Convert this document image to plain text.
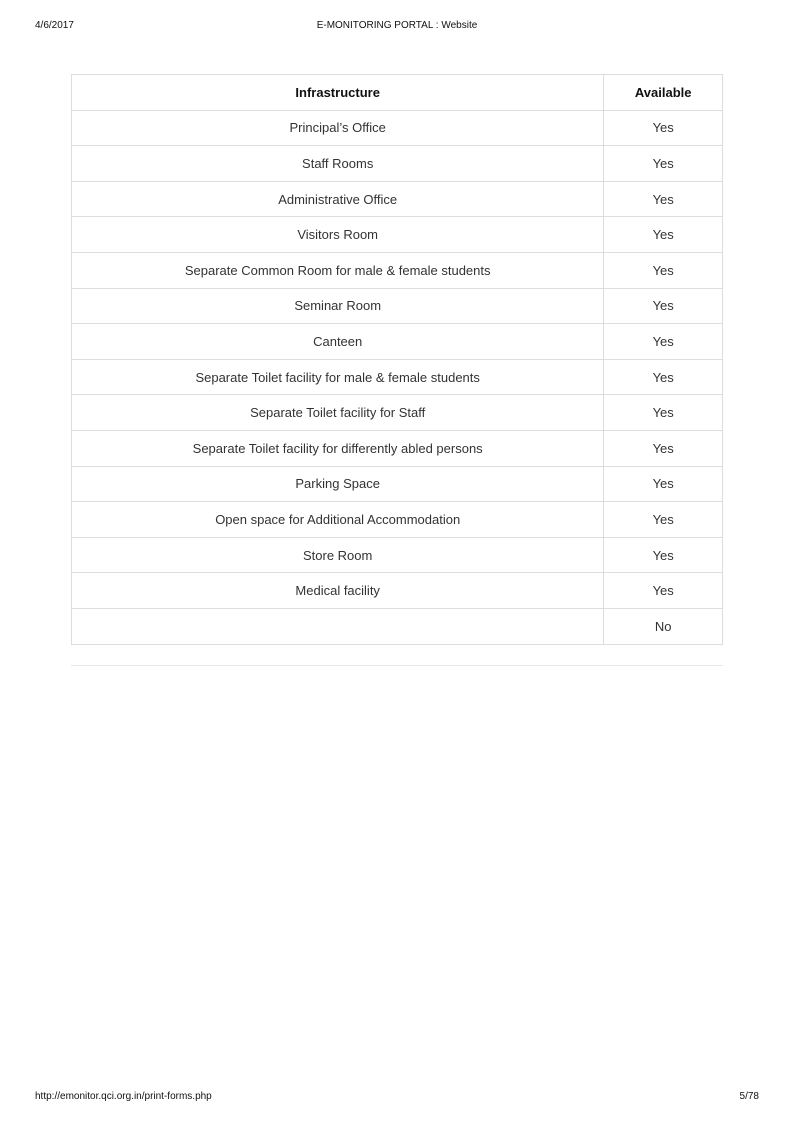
4/6/2017	E-MONITORING PORTAL : Website
Infrastructure	Available
Principal’s Office	Yes
Staff Rooms	Yes
Administrative Office	Yes
Visitors Room	Yes
Separate Common Room for male & female students	Yes
Seminar Room	Yes
Canteen	Yes
Separate Toilet facility for male & female students	Yes
Separate Toilet facility for Staff	Yes
Separate Toilet facility for differently abled persons	Yes
Parking Space	Yes
Open space for Additional Accommodation	Yes
Store Room	Yes
Medical facility	Yes
	No
http://emonitor.qci.org.in/print-forms.php	5/78
